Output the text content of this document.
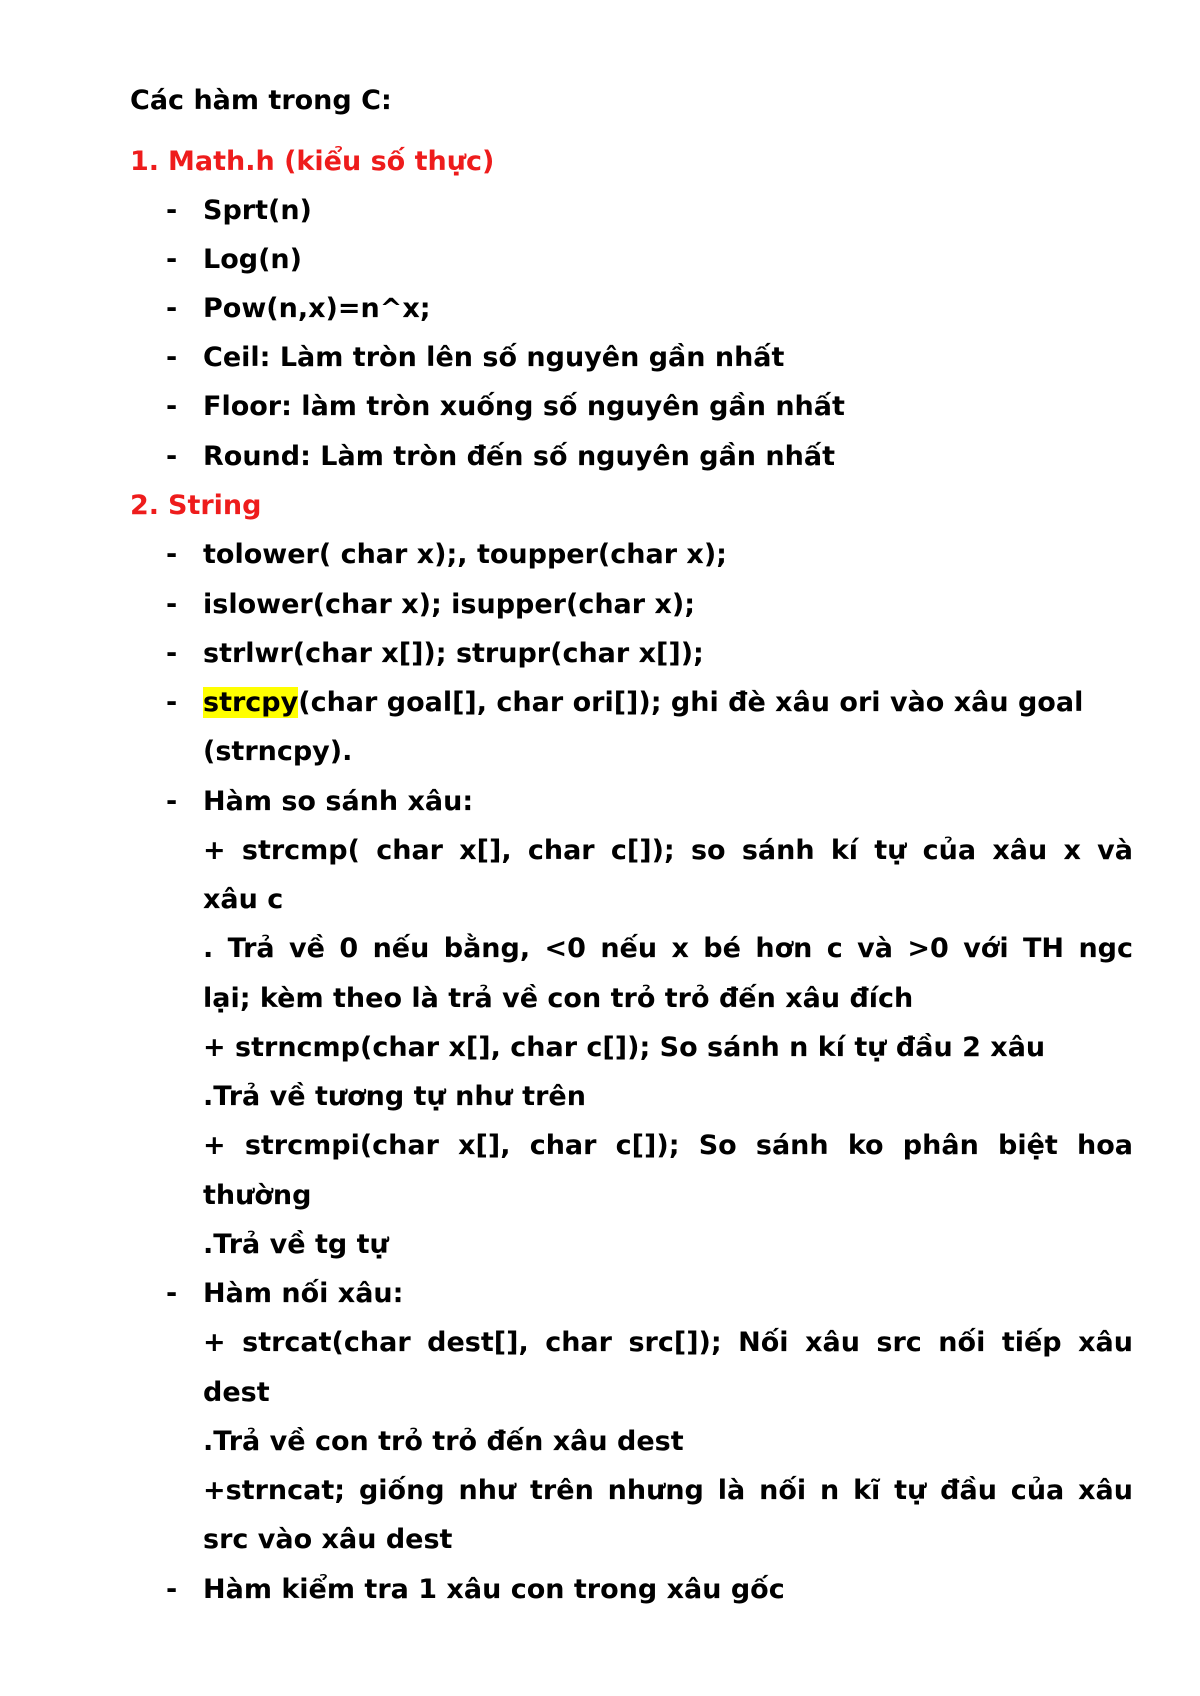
Các hàm trong C:
1. Math.h (kiểu số thực)
- Sprt(n)
- Log(n)
- Pow(n,x)=n^x;
- Ceil: Làm tròn lên số nguyên gần nhất
- Floor: làm tròn xuống số nguyên gần nhất
- Round: Làm tròn đến số nguyên gần nhất
2. String
- tolower( char x);, toupper(char x);
- islower(char x); isupper(char x);
- strlwr(char x[]); strupr(char x[]);
- strcpy(char goal[], char ori[]); ghi đè xâu ori vào xâu goal
(strncpy).
- Hàm so sánh xâu:
+ strcmp( char x[], char c[]); so sánh kí tự của xâu x và
xâu c
. Trả về 0 nếu bằng, <0 nếu x bé hơn c và >0 với TH ngc
lại; kèm theo là trả về con trỏ trỏ đến xâu đích
+ strncmp(char x[], char c[]); So sánh n kí tự đầu 2 xâu
.Trả về tương tự như trên
+ strcmpi(char x[], char c[]); So sánh ko phân biệt hoa
thường
.Trả về tg tự
- Hàm nối xâu:
+ strcat(char dest[], char src[]); Nối xâu src nối tiếp xâu
dest
.Trả về con trỏ trỏ đến xâu dest
+strncat; giống như trên nhưng là nối n kĩ tự đầu của xâu
src vào xâu dest
- Hàm kiểm tra 1 xâu con trong xâu gốc
